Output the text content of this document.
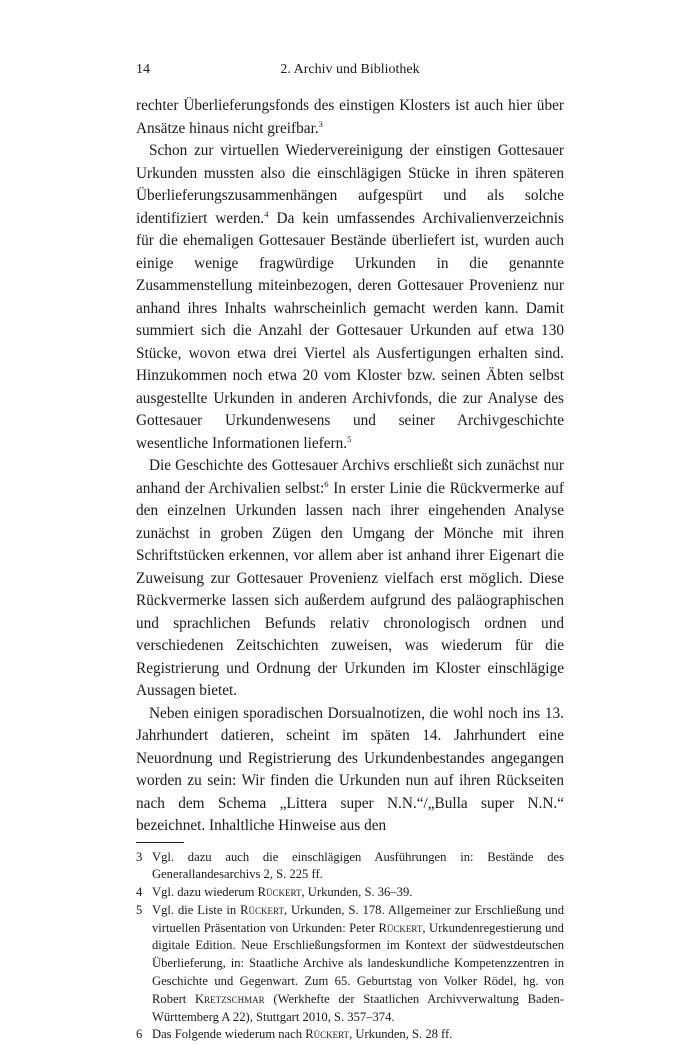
14	2. Archiv und Bibliothek

rechter Überlieferungsfonds des einstigen Klosters ist auch hier über Ansätze hinaus nicht greifbar.$^3$

Schon zur virtuellen Wiedervereinigung der einstigen Gottesauer Urkunden mussten also die einschlägigen Stücke in ihren späteren Überlieferungszusammenhängen aufgespürt und als solche identifiziert werden.$^4$ Da kein umfassendes Archivalienverzeichnis für die ehemaligen Gottesauer Bestände überliefert ist, wurden auch einige wenige fragwürdige Urkunden in die genannte Zusammenstellung miteinbezogen, deren Gottesauer Provenienz nur anhand ihres Inhalts wahrscheinlich gemacht werden kann. Damit summiert sich die Anzahl der Gottesauer Urkunden auf etwa 130 Stücke, wovon etwa drei Viertel als Ausfertigungen erhalten sind. Hinzukommen noch etwa 20 vom Kloster bzw. seinen Äbten selbst ausgestellte Urkunden in anderen Archivfonds, die zur Analyse des Gottesauer Urkundenwesens und seiner Archivgeschichte wesentliche Informationen liefern.$^5$

Die Geschichte des Gottesauer Archivs erschließt sich zunächst nur anhand der Archivalien selbst:$^6$ In erster Linie die Rückvermerke auf den einzelnen Urkunden lassen nach ihrer eingehenden Analyse zunächst in groben Zügen den Umgang der Mönche mit ihren Schriftstücken erkennen, vor allem aber ist anhand ihrer Eigenart die Zuweisung zur Gottesauer Provenienz vielfach erst möglich. Diese Rückvermerke lassen sich außerdem aufgrund des paläographischen und sprachlichen Befunds relativ chronologisch ordnen und verschiedenen Zeitschichten zuweisen, was wiederum für die Registrierung und Ordnung der Urkunden im Kloster einschlägige Aussagen bietet.

Neben einigen sporadischen Dorsualnotizen, die wohl noch ins 13. Jahrhundert datieren, scheint im späten 14. Jahrhundert eine Neuordnung und Registrierung des Urkundenbestandes angegangen worden zu sein: Wir finden die Urkunden nun auf ihren Rückseiten nach dem Schema „Littera super N.N.“/„Bulla super N.N.“ bezeichnet. Inhaltliche Hinweise aus den

3 Vgl. dazu auch die einschlägigen Ausführungen in: Bestände des Generallandesarchivs 2, S. 225 ff.
4 Vgl. dazu wiederum Rückert, Urkunden, S. 36–39.
5 Vgl. die Liste in Rückert, Urkunden, S. 178. Allgemeiner zur Erschließung und virtuellen Präsentation von Urkunden: Peter Rückert, Urkundenregestierung und digitale Edition. Neue Erschließungsformen im Kontext der südwestdeutschen Überlieferung, in: Staatliche Archive als landeskundliche Kompetenzzentren in Geschichte und Gegenwart. Zum 65. Geburtstag von Volker Rödel, hg. von Robert Kretzschmar (Werkhefte der Staatlichen Archivverwaltung Baden-Württemberg A 22), Stuttgart 2010, S. 357–374.
6 Das Folgende wiederum nach Rückert, Urkunden, S. 28 ff.
